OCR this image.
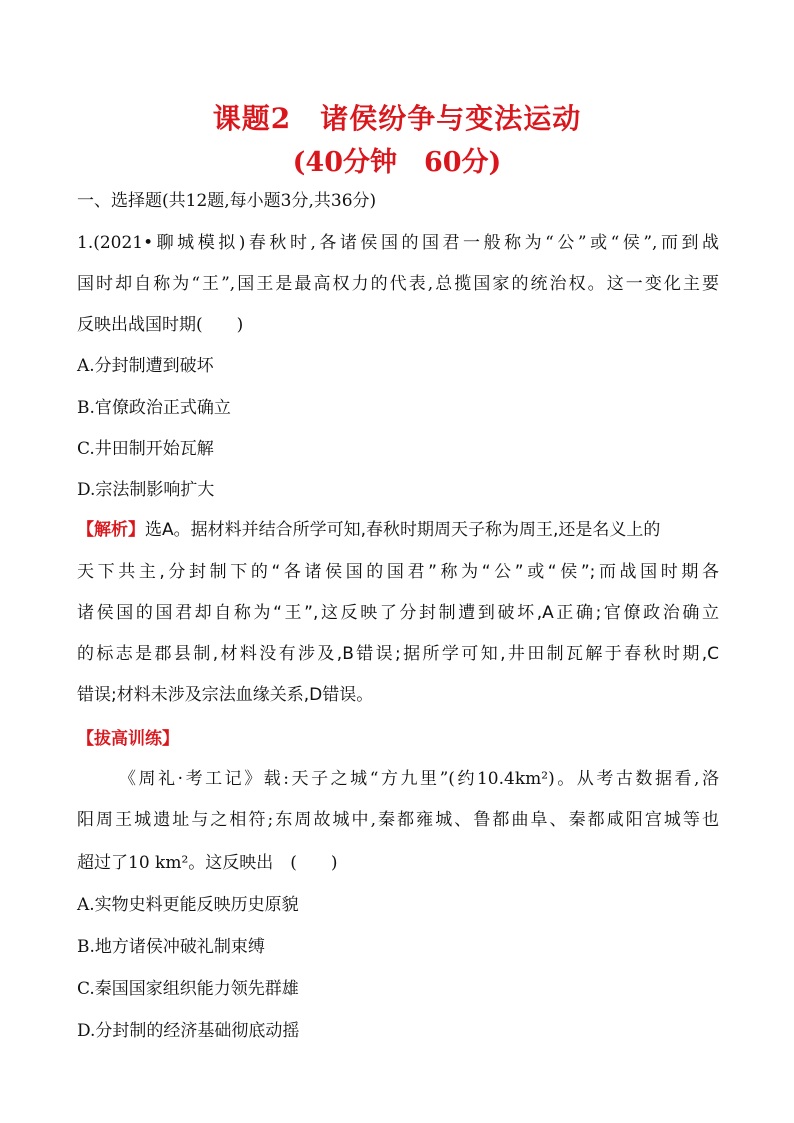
课题2　诸侯纷争与变法运动
(40分钟　60分)
一、选择题(共12题,每小题3分,共36分)
1.(2021•聊城模拟)春秋时,各诸侯国的国君一般称为“公”或“侯”,而到战
国时却自称为“王”,国王是最高权力的代表,总揽国家的统治权。这一变化主要
反映出战国时期(　　)
A.分封制遭到破坏
B.官僚政治正式确立
C.井田制开始瓦解
D.宗法制影响扩大
【解析】选A。据材料并结合所学可知,春秋时期周天子称为周王,还是名义上的
天下共主,分封制下的“各诸侯国的国君”称为“公”或“侯”;而战国时期各
诸侯国的国君却自称为“王”,这反映了分封制遭到破坏,A正确;官僚政治确立
的标志是郡县制,材料没有涉及,B错误;据所学可知,井田制瓦解于春秋时期,C
错误;材料未涉及宗法血缘关系,D错误。
【拔高训练】
《周礼·考工记》载:天子之城“方九里”(约10.4km²)。从考古数据看,洛
阳周王城遗址与之相符;东周故城中,秦都雍城、鲁都曲阜、秦都咸阳宫城等也
超过了10 km²。这反映出　(　　)
A.实物史料更能反映历史原貌
B.地方诸侯冲破礼制束缚
C.秦国国家组织能力领先群雄
D.分封制的经济基础彻底动摇
